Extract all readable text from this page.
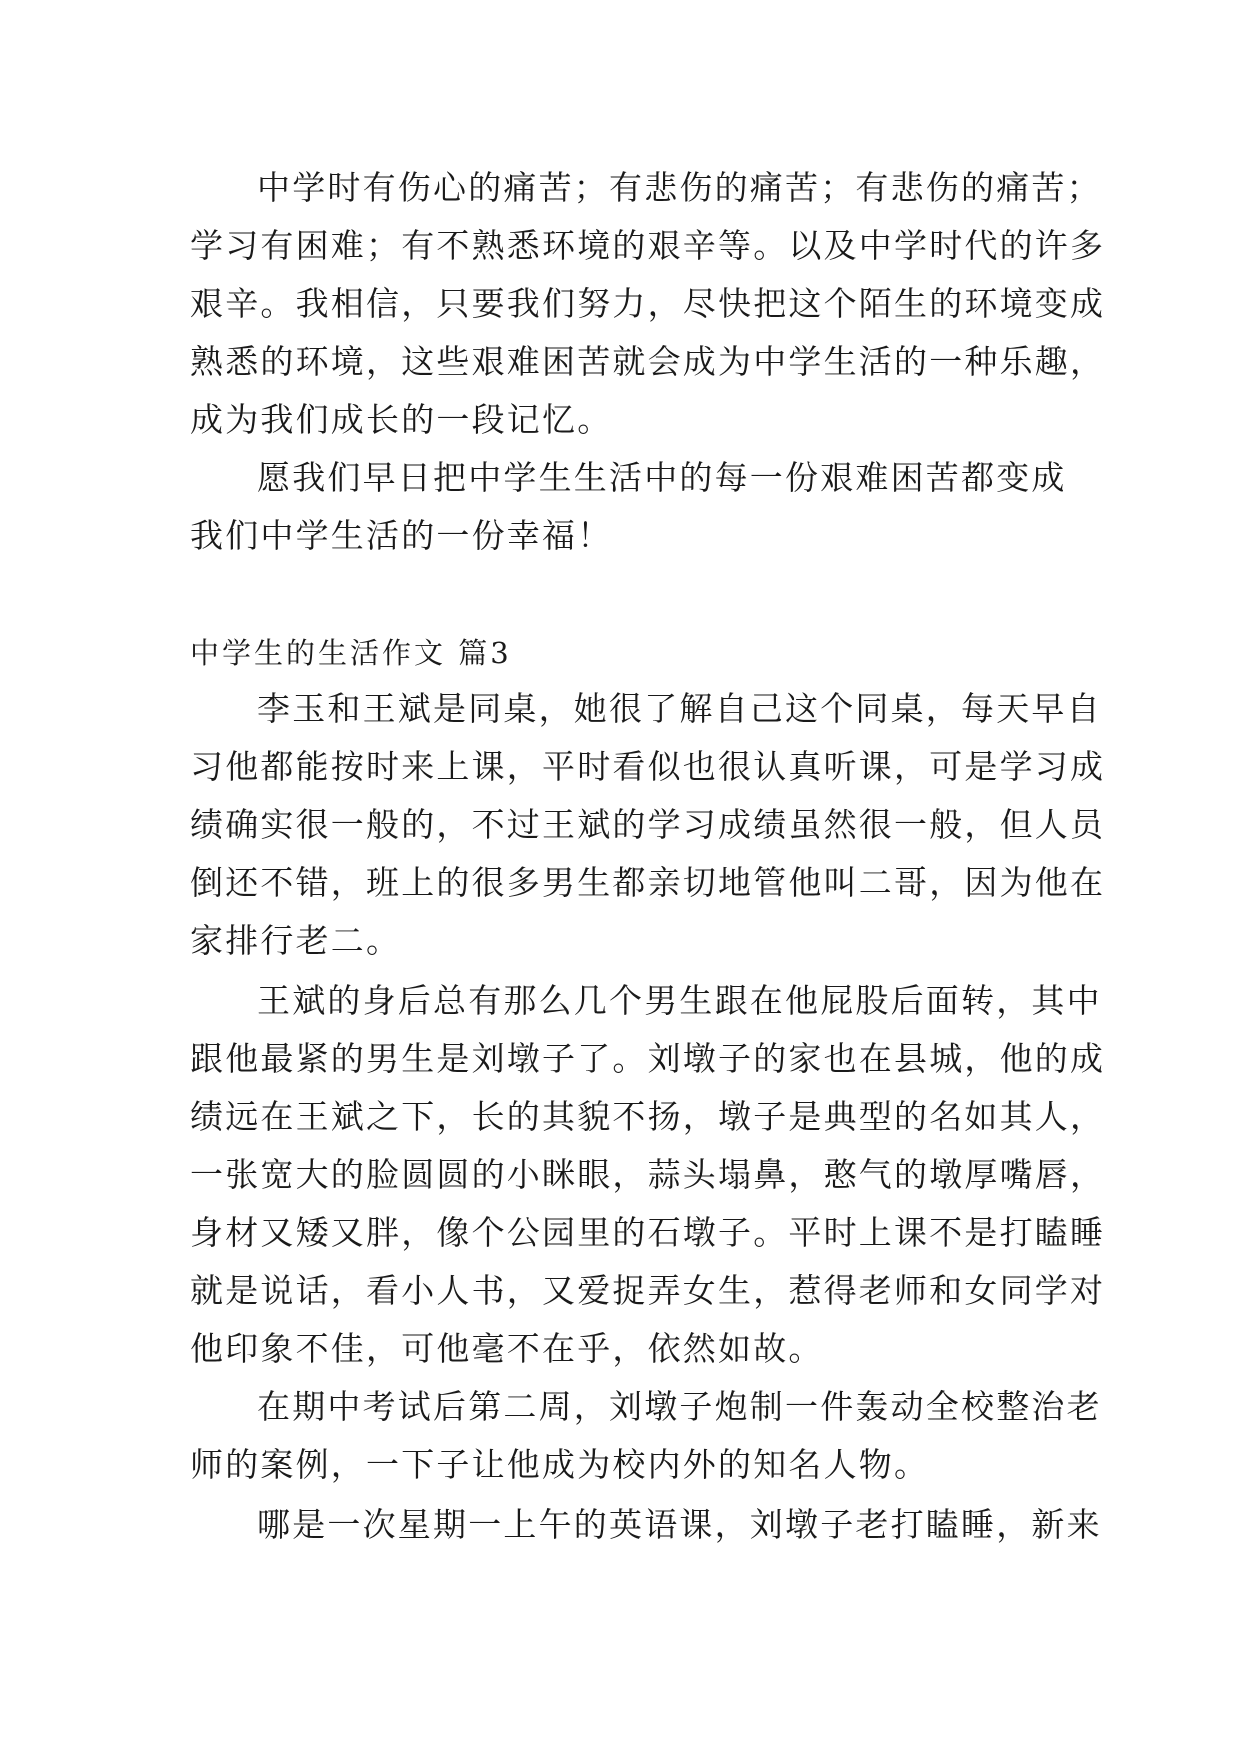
中学时有伤心的痛苦；有悲伤的痛苦；有悲伤的痛苦；
学习有困难；有不熟悉环境的艰辛等。以及中学时代的许多
艰辛。我相信，只要我们努力，尽快把这个陌生的环境变成
熟悉的环境，这些艰难困苦就会成为中学生活的一种乐趣，
成为我们成长的一段记忆。
愿我们早日把中学生生活中的每一份艰难困苦都变成
我们中学生活的一份幸福！
中学生的生活作文 篇3
李玉和王斌是同桌，她很了解自己这个同桌，每天早自
习他都能按时来上课，平时看似也很认真听课，可是学习成
绩确实很一般的，不过王斌的学习成绩虽然很一般，但人员
倒还不错，班上的很多男生都亲切地管他叫二哥，因为他在
家排行老二。
王斌的身后总有那么几个男生跟在他屁股后面转，其中
跟他最紧的男生是刘墩子了。刘墩子的家也在县城，他的成
绩远在王斌之下，长的其貌不扬，墩子是典型的名如其人，
一张宽大的脸圆圆的小眯眼，蒜头塌鼻，憨气的墩厚嘴唇，
身材又矮又胖，像个公园里的石墩子。平时上课不是打瞌睡
就是说话，看小人书，又爱捉弄女生，惹得老师和女同学对
他印象不佳，可他毫不在乎，依然如故。
在期中考试后第二周，刘墩子炮制一件轰动全校整治老
师的案例，一下子让他成为校内外的知名人物。
哪是一次星期一上午的英语课，刘墩子老打瞌睡，新来
